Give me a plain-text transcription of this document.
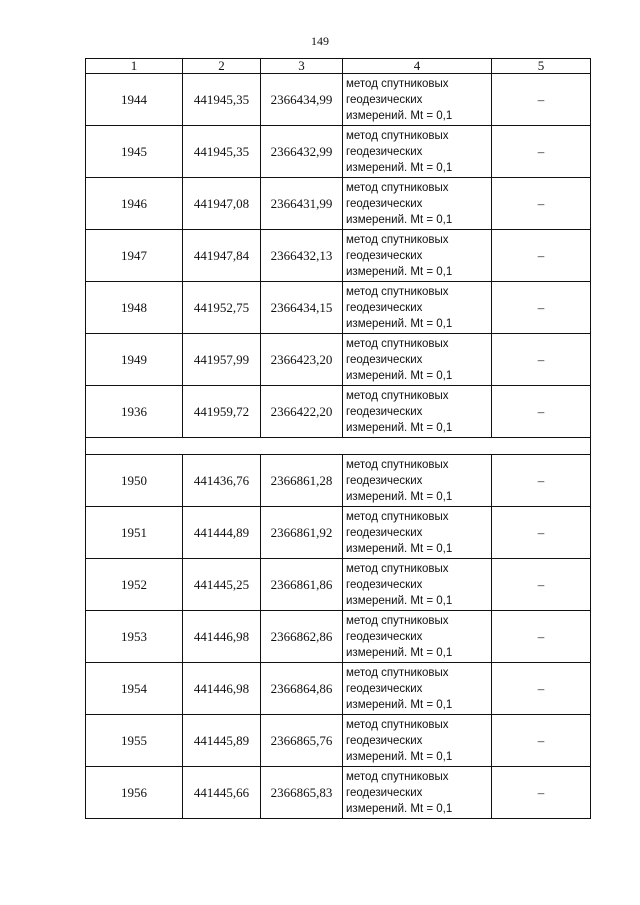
149
1	2	3	4	5
1944	441945,35	2366434,99	метод спутниковых
геодезических
измерений. Mt = 0,1	–
1945	441945,35	2366432,99	метод спутниковых
геодезических
измерений. Mt = 0,1	–
1946	441947,08	2366431,99	метод спутниковых
геодезических
измерений. Mt = 0,1	–
1947	441947,84	2366432,13	метод спутниковых
геодезических
измерений. Mt = 0,1	–
1948	441952,75	2366434,15	метод спутниковых
геодезических
измерений. Mt = 0,1	–
1949	441957,99	2366423,20	метод спутниковых
геодезических
измерений. Mt = 0,1	–
1936	441959,72	2366422,20	метод спутниковых
геодезических
измерений. Mt = 0,1	–

1950	441436,76	2366861,28	метод спутниковых
геодезических
измерений. Mt = 0,1	–
1951	441444,89	2366861,92	метод спутниковых
геодезических
измерений. Mt = 0,1	–
1952	441445,25	2366861,86	метод спутниковых
геодезических
измерений. Mt = 0,1	–
1953	441446,98	2366862,86	метод спутниковых
геодезических
измерений. Mt = 0,1	–
1954	441446,98	2366864,86	метод спутниковых
геодезических
измерений. Mt = 0,1	–
1955	441445,89	2366865,76	метод спутниковых
геодезических
измерений. Mt = 0,1	–
1956	441445,66	2366865,83	метод спутниковых
геодезических
измерений. Mt = 0,1	–
